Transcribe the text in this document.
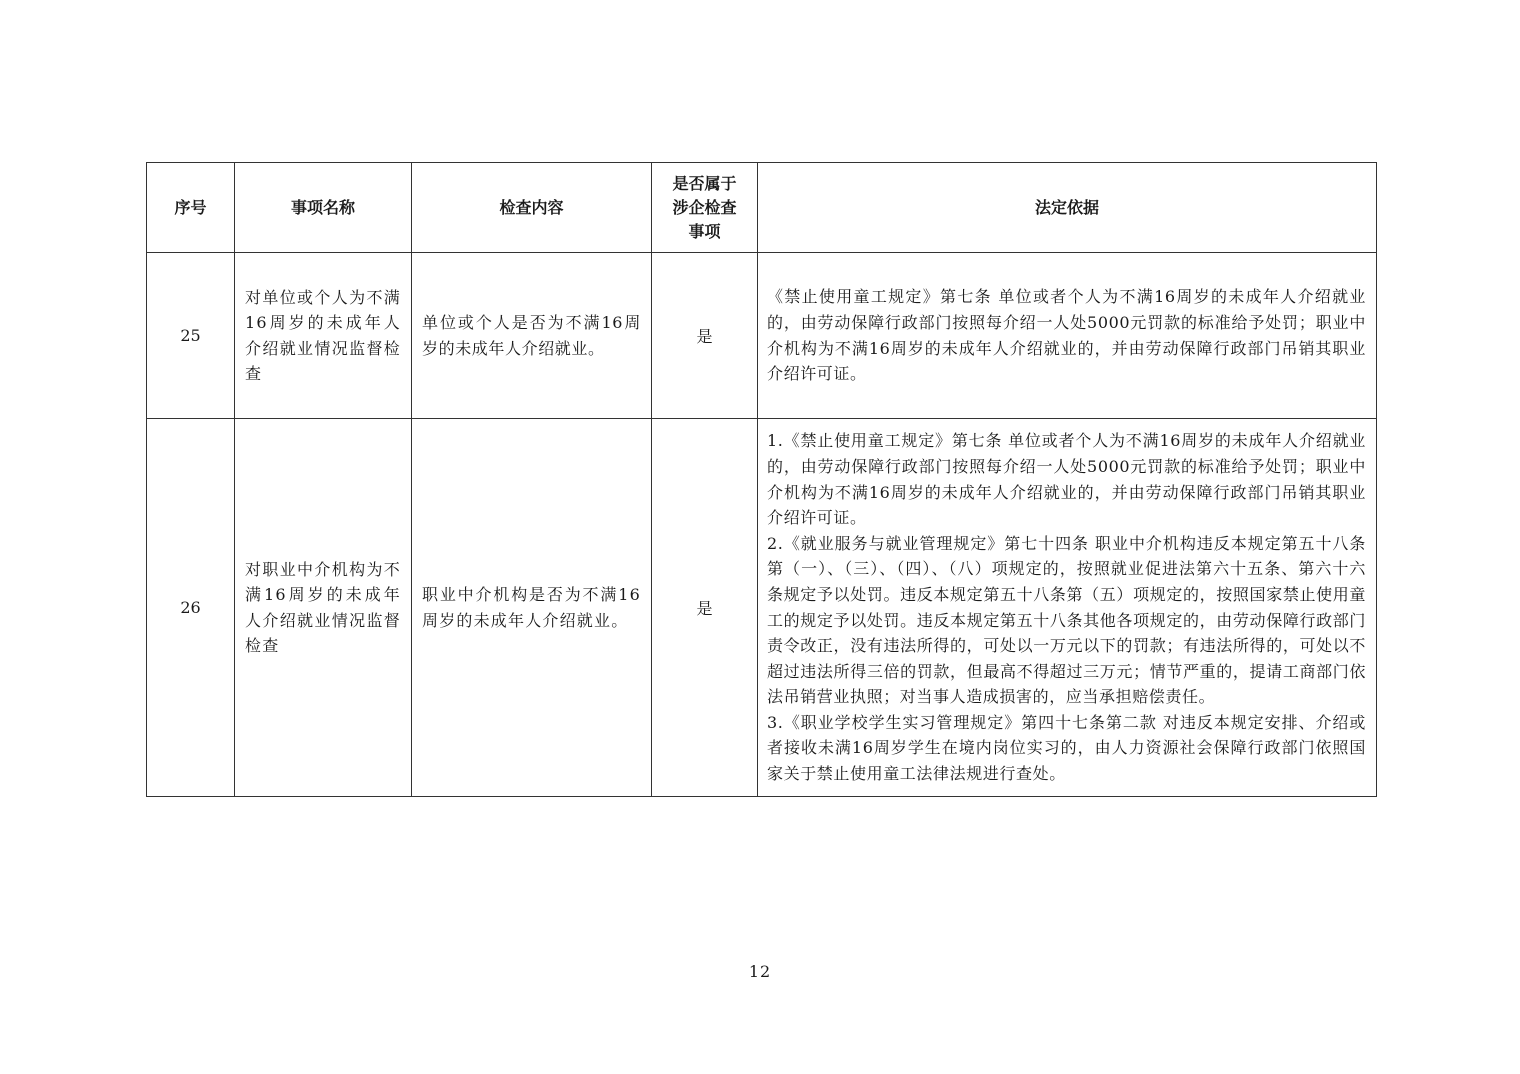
序号	事项名称	检查内容	是否属于涉企检查事项	法定依据
25	对单位或个人为不满16周岁的未成年人介绍就业情况监督检查	单位或个人是否为不满16周岁的未成年人介绍就业。	是	《禁止使用童工规定》第七条 单位或者个人为不满16周岁的未成年人介绍就业的，由劳动保障行政部门按照每介绍一人处5000元罚款的标准给予处罚；职业中介机构为不满16周岁的未成年人介绍就业的，并由劳动保障行政部门吊销其职业介绍许可证。

26	对职业中介机构为不满16周岁的未成年人介绍就业情况监督检查	职业中介机构是否为不满16周岁的未成年人介绍就业。	是	1.《禁止使用童工规定》第七条 单位或者个人为不满16周岁的未成年人介绍就业的，由劳动保障行政部门按照每介绍一人处5000元罚款的标准给予处罚；职业中介机构为不满16周岁的未成年人介绍就业的，并由劳动保障行政部门吊销其职业介绍许可证。

2.《就业服务与就业管理规定》第七十四条 职业中介机构违反本规定第五十八条第（一）、（三）、（四）、（八）项规定的，按照就业促进法第六十五条、第六十六条规定予以处罚。违反本规定第五十八条第（五）项规定的，按照国家禁止使用童工的规定予以处罚。违反本规定第五十八条其他各项规定的，由劳动保障行政部门责令改正，没有违法所得的，可处以一万元以下的罚款；有违法所得的，可处以不超过违法所得三倍的罚款，但最高不得超过三万元；情节严重的，提请工商部门依法吊销营业执照；对当事人造成损害的，应当承担赔偿责任。

3.《职业学校学生实习管理规定》第四十七条第二款 对违反本规定安排、介绍或者接收未满16周岁学生在境内岗位实习的，由人力资源社会保障行政部门依照国家关于禁止使用童工法律法规进行查处。

12
